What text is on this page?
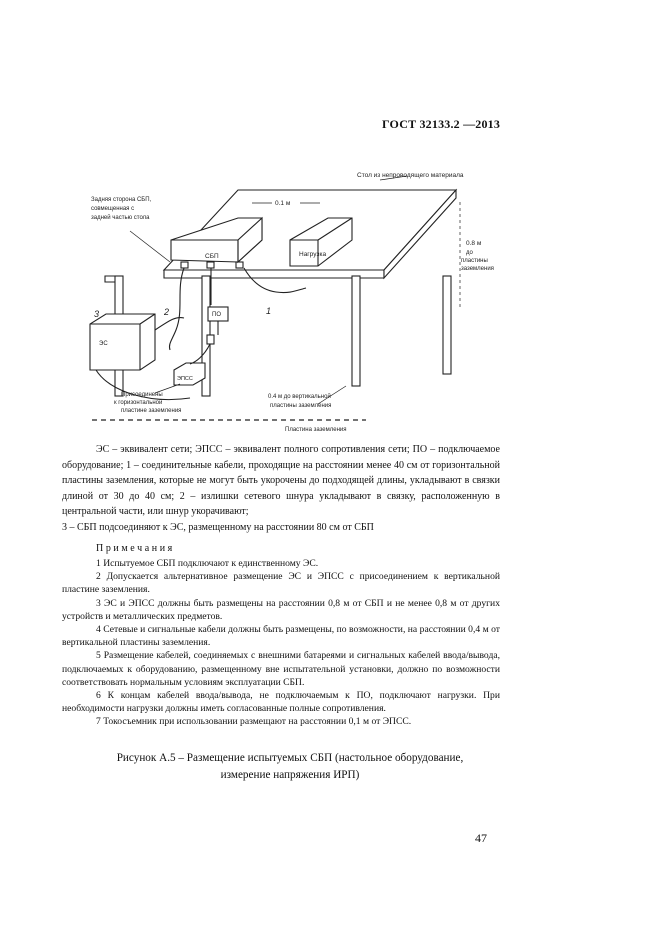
ГОСТ 32133.2 —2013
Стол из непроводящего материала
Задняя сторона СБП,
совмещенная с
задней частью стола
0.1 м
0.8 м
до
пластины
заземления
СБП	Нагрузка
ПО
ЭС
ЭПСС
1
2
3
Присоединены
к горизонтальной
пластине заземления
0.4 м до вертикальной
пластины заземления
Пластина заземления

ЭС – эквивалент сети; ЭПСС – эквивалент полного сопротивления сети; ПО – подключаемое оборудование; 1 – соединительные кабели, проходящие на расстоянии менее 40 см от горизонтальной пластины заземления, которые не могут быть укорочены до подходящей длины, укладывают в связки длиной от 30 до 40 см; 2 – излишки сетевого шнура укладывают в связку, расположенную в центральной части, или шнур укорачивают;

3 – СБП подсоединяют к ЭС, размещенному на расстоянии 80 см от СБП

Примечания

1 Испытуемое СБП подключают к единственному ЭС.

2 Допускается альтернативное размещение ЭС и ЭПСС с присоединением к вертикальной пластине заземления.

3 ЭС и ЭПСС должны быть размещены на расстоянии 0,8 м от СБП и не менее 0,8 м от других устройств и металлических предметов.

4 Сетевые и сигнальные кабели должны быть размещены, по возможности, на расстоянии 0,4 м от вертикальной пластины заземления.

5 Размещение кабелей, соединяемых с внешними батареями и сигнальных кабелей ввода/вывода, подключаемых к оборудованию, размещенному вне испытательной установки, должно по возможности соответствовать нормальным условиям эксплуатации СБП.

6 К концам кабелей ввода/вывода, не подключаемым к ПО, подключают нагрузки. При необходимости нагрузки должны иметь согласованные полные сопротивления.

7 Токосъемник при использовании размещают на расстоянии 0,1 м от ЭПСС.

Рисунок А.5 – Размещение испытуемых СБП (настольное оборудование,
измерение напряжения ИРП)
47
